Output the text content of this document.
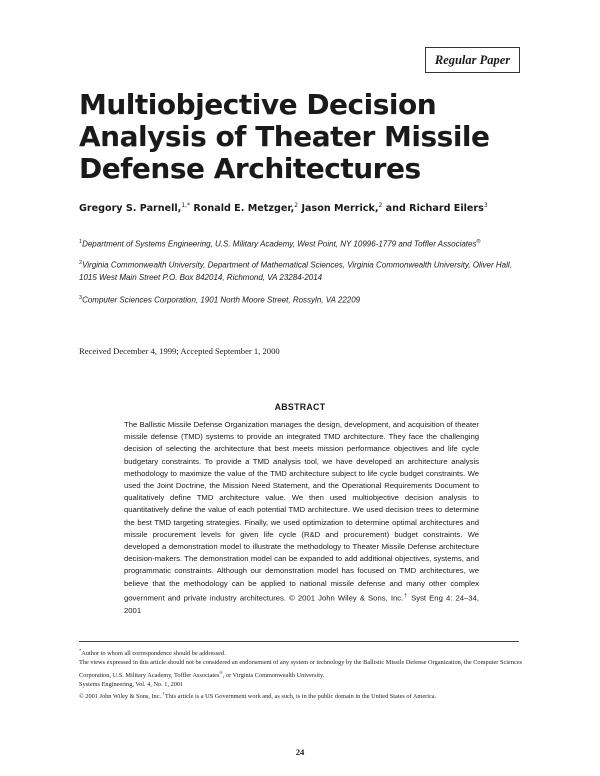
Regular Paper
Multiobjective Decision Analysis of Theater Missile Defense Architectures
Gregory S. Parnell,$^{1,*}$ Ronald E. Metzger,$^2$ Jason Merrick,$^2$ and Richard Eilers$^3$
$^1$Department of Systems Engineering, U.S. Military Academy, West Point, NY 10996-1779 and Toffler Associates®
$^2$Virginia Commonwealth University, Department of Mathematical Sciences, Virginia Commonwealth University, Oliver Hall, 1015 West Main Street P.O. Box 842014, Richmond, VA 23284-2014
$^3$Computer Sciences Corporation, 1901 North Moore Street, Rossyln, VA 22209
Received December 4, 1999; Accepted September 1, 2000
ABSTRACT

The Ballistic Missile Defense Organization manages the design, development, and acquisition of theater missile defense (TMD) systems to provide an integrated TMD architecture. They face the challenging decision of selecting the architecture that best meets mission performance objectives and life cycle budgetary constraints. To provide a TMD analysis tool, we have developed an architecture analysis methodology to maximize the value of the TMD architecture subject to life cycle budget constraints. We used the Joint Doctrine, the Mission Need Statement, and the Operational Requirements Document to qualitatively define TMD architecture value. We then used multiobjective decision analysis to quantitatively define the value of each potential TMD architecture. We used decision trees to determine the best TMD targeting strategies. Finally, we used optimization to determine optimal architectures and missile procurement levels for given life cycle (R&D and procurement) budget constraints. We developed a demonstration model to illustrate the methodology to Theater Missile Defense architecture decision-makers. The demonstration model can be expanded to add additional objectives, systems, and programmatic constraints. Although our demonstration model has focused on TMD architectures, we believe that the methodology can be applied to national missile defense and many other complex government and private industry architectures. © 2001 John Wiley & Sons, Inc.† Syst Eng 4: 24–34, 2001

*Author to whom all correspondence should be addressed.

The views expressed in this article should not be considered an endorsement of any system or technology by the Ballistic Missile Defense Organization, the Computer Sciences Corporation, U.S. Military Academy, Toffler Associates®, or Virginia Commonwealth University.

Systems Engineering, Vol. 4, No. 1, 2001

© 2001 John Wiley & Sons, Inc. †This article is a US Government work and, as such, is in the public domain in the United States of America.

24
